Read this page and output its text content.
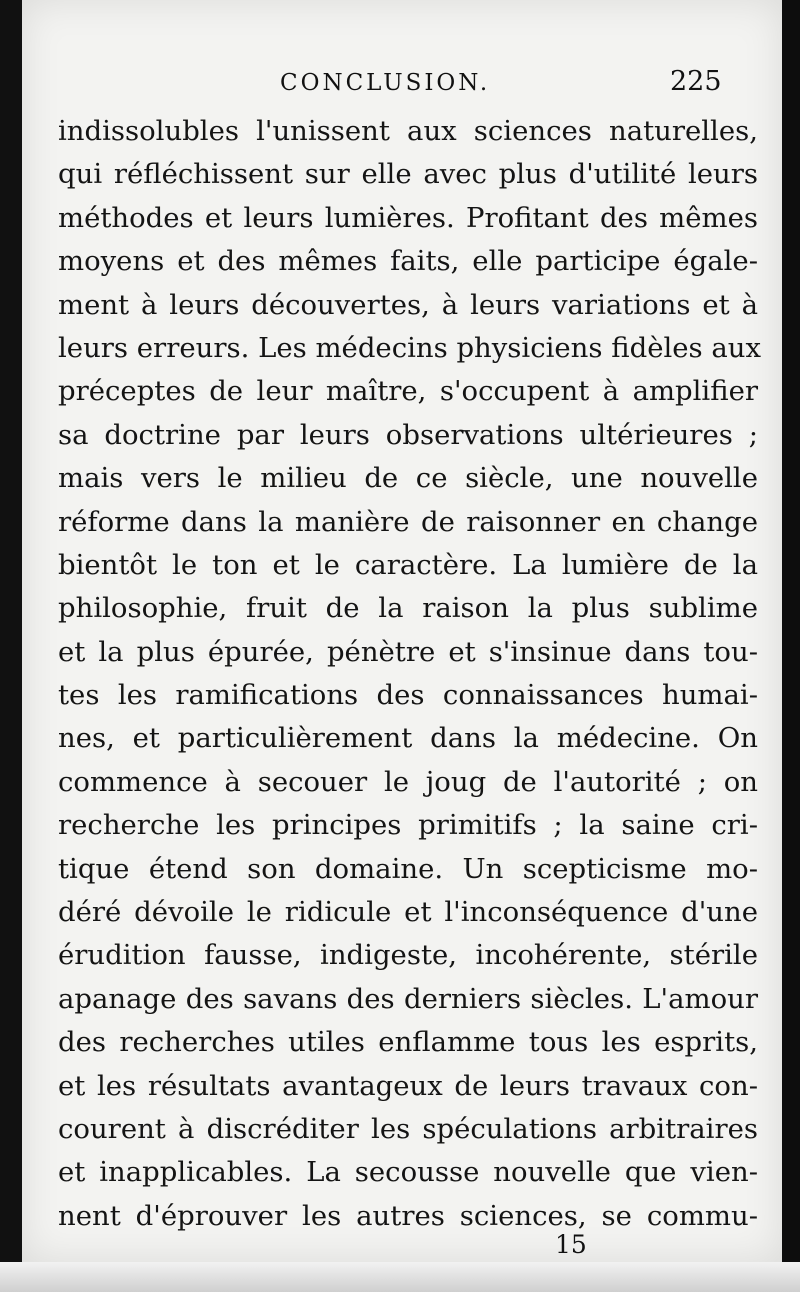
CONCLUSION.	225
indissolubles l'unissent aux sciences naturelles,
qui réfléchissent sur elle avec plus d'utilité leurs
méthodes et leurs lumières. Profitant des mêmes
moyens et des mêmes faits, elle participe égale-
ment à leurs découvertes, à leurs variations et à
leurs erreurs. Les médecins physiciens fidèles aux
préceptes de leur maître, s'occupent à amplifier
sa doctrine par leurs observations ultérieures ;
mais vers le milieu de ce siècle, une nouvelle
réforme dans la manière de raisonner en change
bientôt le ton et le caractère. La lumière de la
philosophie, fruit de la raison la plus sublime
et la plus épurée, pénètre et s'insinue dans tou-
tes les ramifications des connaissances humai-
nes, et particulièrement dans la médecine. On
commence à secouer le joug de l'autorité ; on
recherche les principes primitifs ; la saine cri-
tique étend son domaine. Un scepticisme mo-
déré dévoile le ridicule et l'inconséquence d'une
érudition fausse, indigeste, incohérente, stérile
apanage des savans des derniers siècles. L'amour
des recherches utiles enflamme tous les esprits,
et les résultats avantageux de leurs travaux con-
courent à discréditer les spéculations arbitraires
et inapplicables. La secousse nouvelle que vien-
nent d'éprouver les autres sciences, se commu-
15
